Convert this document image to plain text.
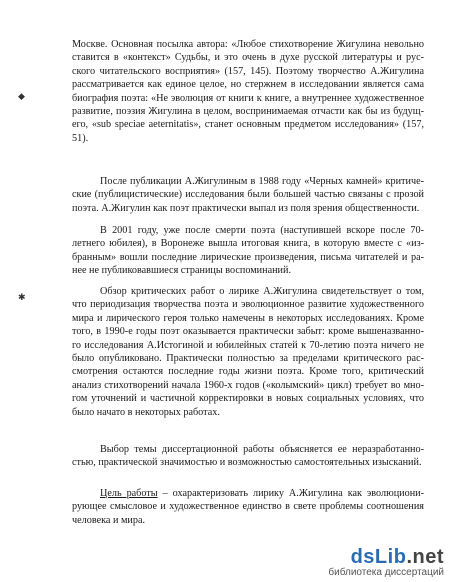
Москве. Основная посылка автора: «Любое стихотворение Жигулина невольно
ставится в «контекст» Судьбы, и это очень в духе русской литературы и рус-
ского читательского восприятия» (157, 145). Поэтому творчество А.Жигулина
рассматривается как единое целое, но стержнем в исследовании является сама
биография поэта: «Не эволюция от книги к книге, а внутреннее художественное
развитие, поэзия Жигулина в целом, воспринимаемая отчасти как бы из будущ-
его, «sub speciae aeternitatis», станет основным предметом исследования» (157,
51).
После публикации А.Жигулиным в 1988 году «Черных камней» критиче-
ские (публицистические) исследования были большей частью связаны с прозой
поэта. А.Жигулин как поэт практически выпал из поля зрения общественности.
В 2001 году, уже после смерти поэта (наступившей вскоре после 70-
летнего юбилея), в Воронеже вышла итоговая книга, в которую вместе с «из-
бранным» вошли последние лирические произведения, письма читателей и ра-
нее не публиковавшиеся страницы воспоминаний.
Обзор критических работ о лирике А.Жигулина свидетельствует о том,
что периодизация творчества поэта и эволюционное развитие художественного
мира и лирического героя только намечены в некоторых исследованиях. Кроме
того, в 1990-е годы поэт оказывается практически забыт: кроме вышеназванно-
го исследования А.Истогиной и юбилейных статей к 70-летию поэта ничего не
было опубликовано. Практически полностью за пределами критического рас-
смотрения остаются последние годы жизни поэта. Кроме того, критический
анализ стихотворений начала 1960-х годов («колымский» цикл) требует во мно-
гом уточнений и частичной корректировки в новых социальных условиях, что
было начато в некоторых работах.
Выбор темы диссертационной работы объясняется ее неразработанно-
стью, практической значимостью и возможностью самостоятельных изысканий.
Цель работы – охарактеризовать лирику А.Жигулина как эволюциони-
рующее смысловое и художественное единство в свете проблемы соотношения
человека и мира.
◆
✱
dsLib.net
библиотека диссертаций
